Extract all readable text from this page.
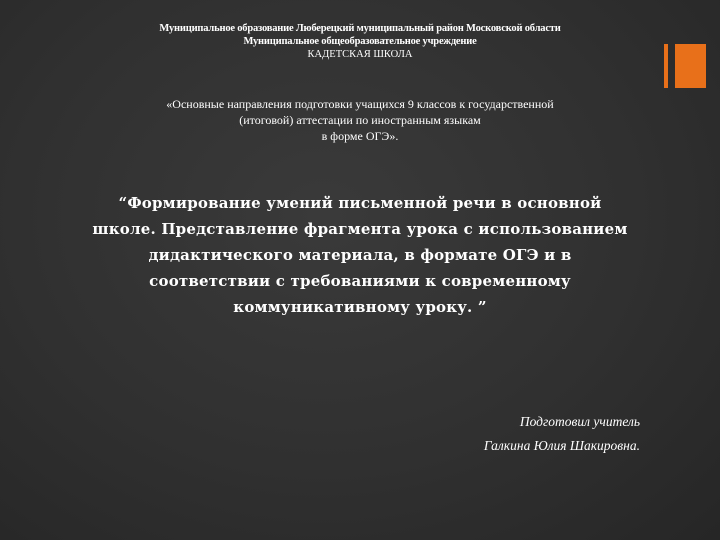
Муниципальное образование Люберецкий муниципальный район Московской области
Муниципальное общеобразовательное учреждение
КАДЕТСКАЯ ШКОЛА
«Основные направления подготовки учащихся 9 классов к государственной
(итоговой) аттестации по иностранным языкам
в форме ОГЭ».
“Формирование умений письменной речи в основной
школе. Представление фрагмента урока с использованием
дидактического материала, в формате ОГЭ и в
соответствии с требованиями к современному
коммуникативному уроку. ”
Подготовил учитель
Галкина Юлия Шакировна.
